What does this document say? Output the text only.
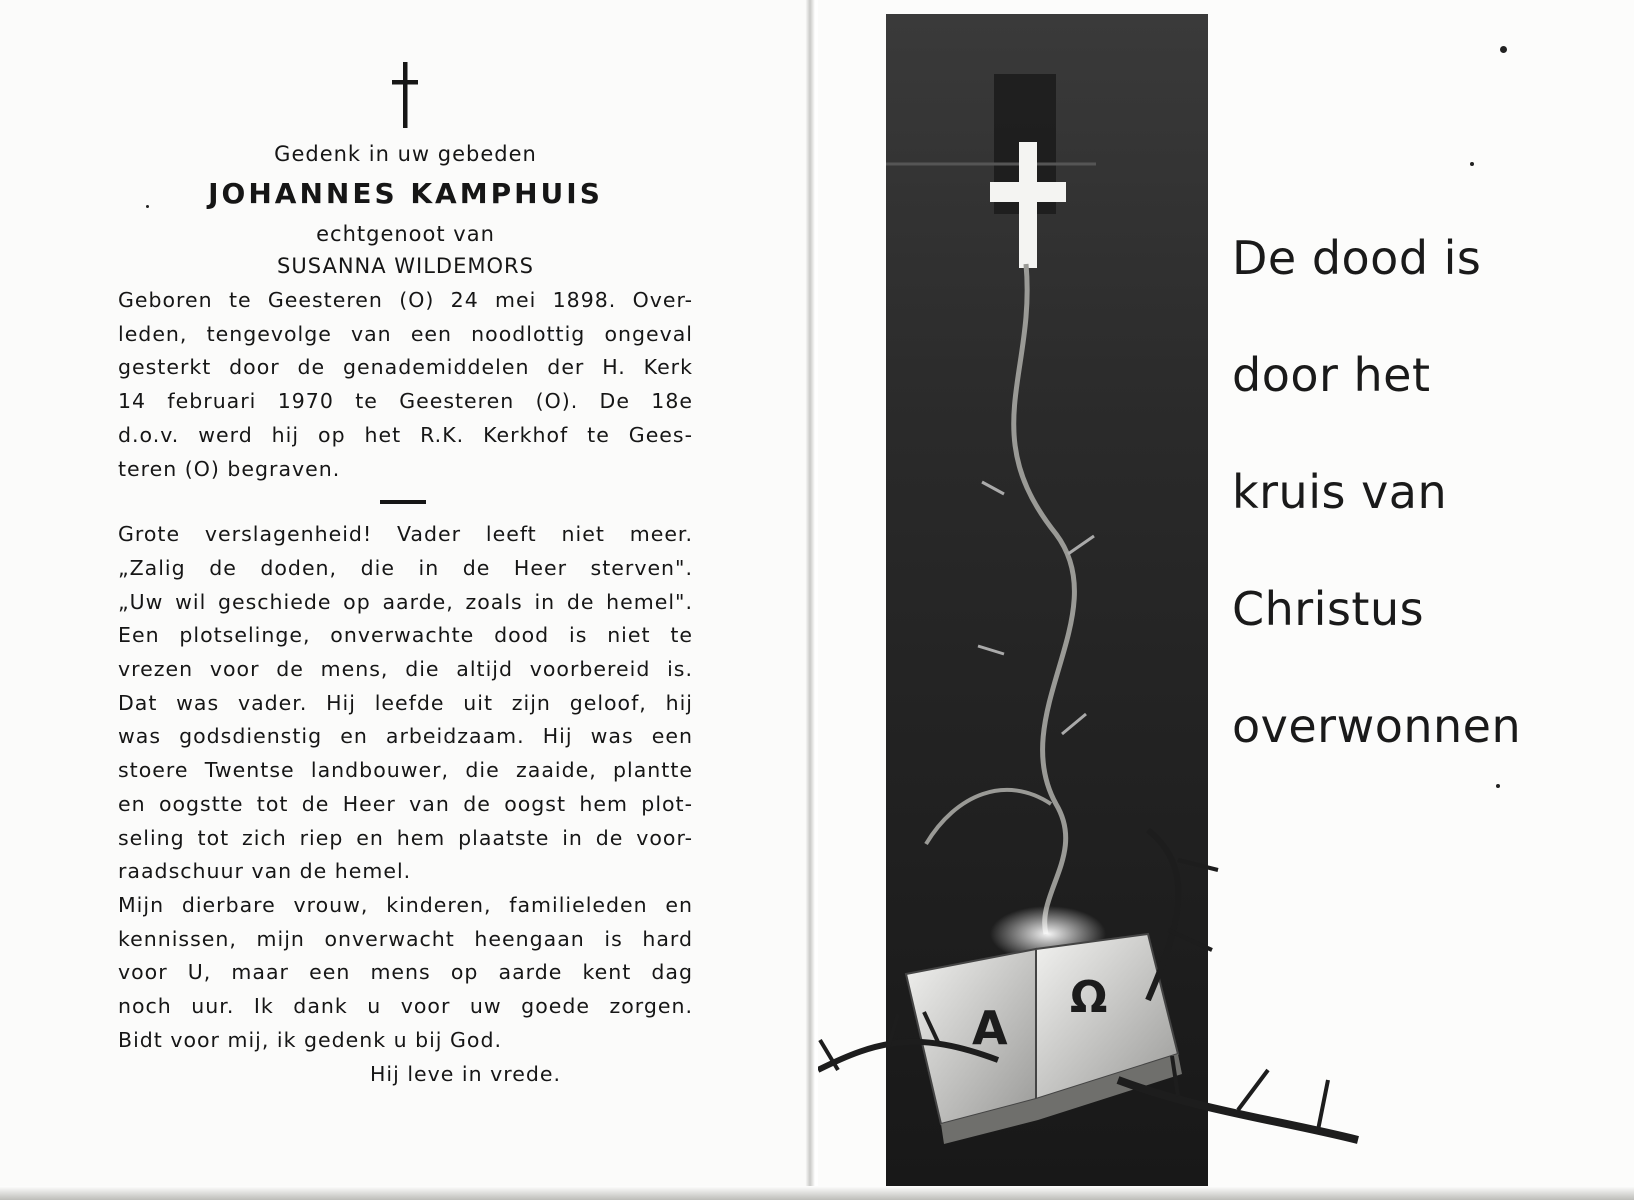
Gedenk in uw gebeden
JOHANNES KAMPHUIS
echtgenoot van
SUSANNA WILDEMORS
Geboren te Geesteren (O) 24 mei 1898. Over-
leden, tengevolge van een noodlottig ongeval
gesterkt door de genademiddelen der H. Kerk
14 februari 1970 te Geesteren (O). De 18e
d.o.v. werd hij op het R.K. Kerkhof te Gees-
teren (O) begraven.
Grote verslagenheid! Vader leeft niet meer.
„Zalig de doden, die in de Heer sterven".
„Uw wil geschiede op aarde, zoals in de hemel".
Een plotselinge, onverwachte dood is niet te
vrezen voor de mens, die altijd voorbereid is.
Dat was vader. Hij leefde uit zijn geloof, hij
was godsdienstig en arbeidzaam. Hij was een
stoere Twentse landbouwer, die zaaide, plantte
en oogstte tot de Heer van de oogst hem plot-
seling tot zich riep en hem plaatste in de voor-
raadschuur van de hemel.
Mijn dierbare vrouw, kinderen, familieleden en
kennissen, mijn onverwacht heengaan is hard
voor U, maar een mens op aarde kent dag
noch uur. Ik dank u voor uw goede zorgen.
Bidt voor mij, ik gedenk u bij God.
Hij leve in vrede.
A
Ω
De dood is
door het
kruis van
Christus
overwonnen
